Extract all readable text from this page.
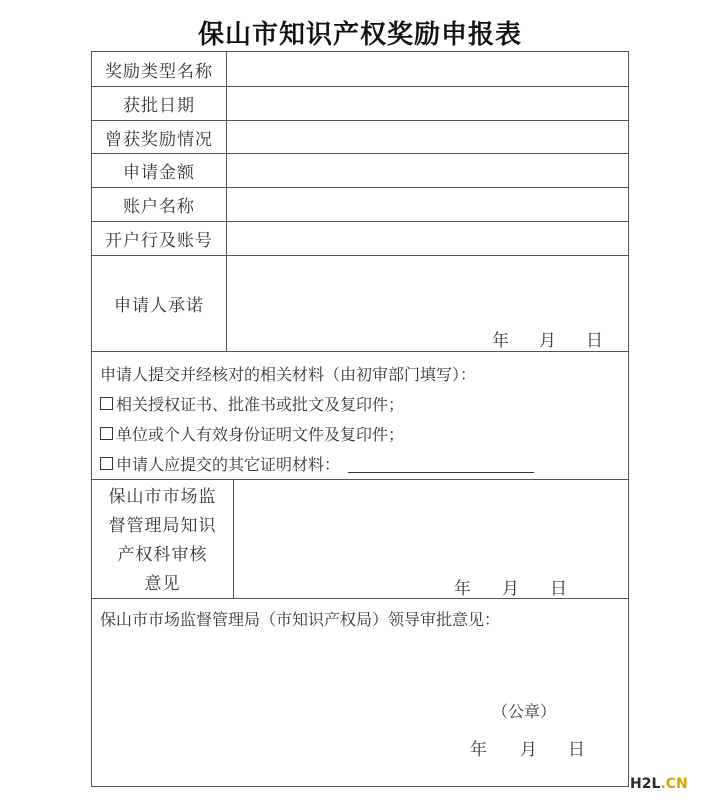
保山市知识产权奖励申报表
奖励类型名称
获批日期
曾获奖励情况
申请金额
账户名称
开户行及账号
申请人承诺
年 月 日
申请人提交并经核对的相关材料（由初审部门填写）：
相关授权证书、批准书或批文及复印件；
单位或个人有效身份证明文件及复印件；
申请人应提交的其它证明材料：
保山市市场监
督管理局知识
产权科审核
意见	年 月 日
保山市市场监督管理局（市知识产权局）领导审批意见：
（公章）
年 月 日
H2L.CN
